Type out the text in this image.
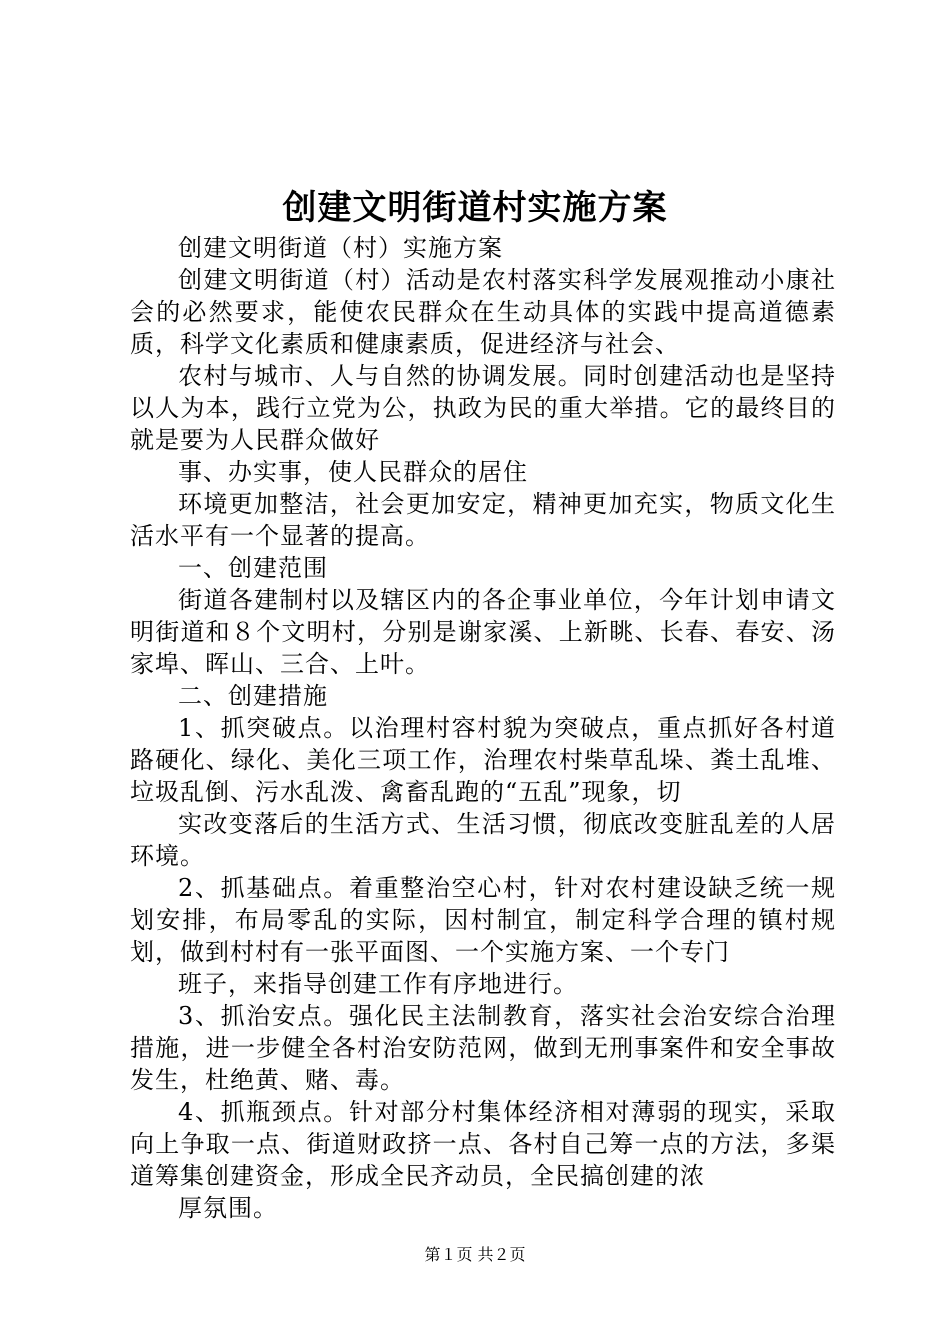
创建文明街道村实施方案

创建文明街道（村）实施方案

创建文明街道（村）活动是农村落实科学发展观推动小康社会的必然要求，能使农民群众在生动具体的实践中提高道德素质，科学文化素质和健康素质，促进经济与社会、

农村与城市、人与自然的协调发展。同时创建活动也是坚持以人为本，践行立党为公，执政为民的重大举措。它的最终目的就是要为人民群众做好

事、办实事，使人民群众的居住

环境更加整洁，社会更加安定，精神更加充实，物质文化生活水平有一个显著的提高。

一、创建范围

街道各建制村以及辖区内的各企事业单位，今年计划申请文明街道和８个文明村，分别是谢家溪、上新眺、长春、春安、汤家埠、晖山、三合、上叶。

二、创建措施

1、抓突破点。以治理村容村貌为突破点，重点抓好各村道路硬化、绿化、美化三项工作，治理农村柴草乱垛、粪土乱堆、垃圾乱倒、污水乱泼、禽畜乱跑的“五乱”现象，切

实改变落后的生活方式、生活习惯，彻底改变脏乱差的人居环境。

2、抓基础点。着重整治空心村，针对农村建设缺乏统一规划安排，布局零乱的实际，因村制宜，制定科学合理的镇村规划，做到村村有一张平面图、一个实施方案、一个专门

班子，来指导创建工作有序地进行。

3、抓治安点。强化民主法制教育，落实社会治安综合治理措施，进一步健全各村治安防范网，做到无刑事案件和安全事故发生，杜绝黄、赌、毒。

4、抓瓶颈点。针对部分村集体经济相对薄弱的现实，采取向上争取一点、街道财政挤一点、各村自己筹一点的方法，多渠道筹集创建资金，形成全民齐动员，全民搞创建的浓

厚氛围。

第１页 共２页
